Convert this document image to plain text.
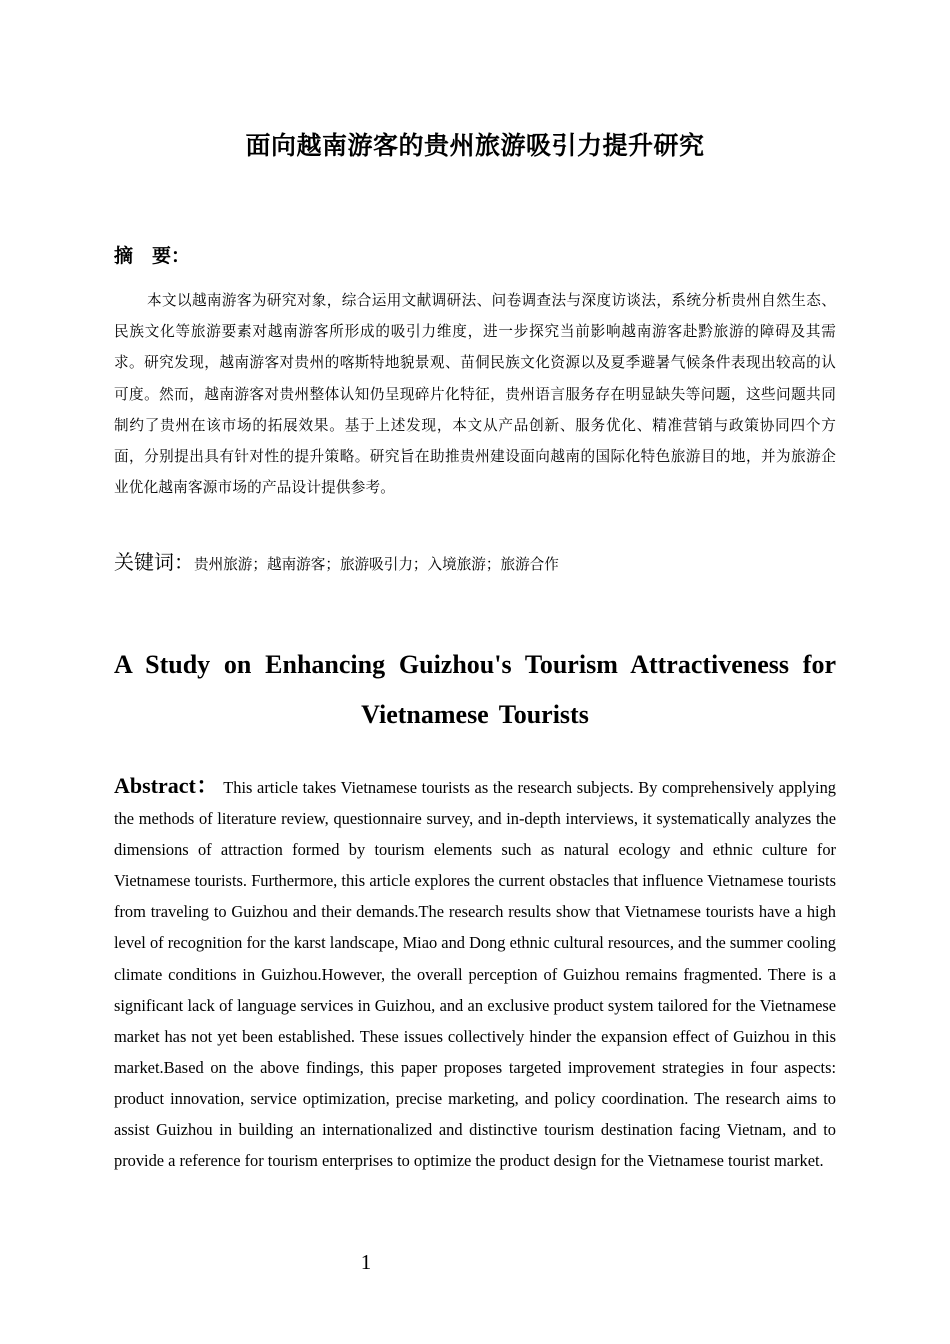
面向越南游客的贵州旅游吸引力提升研究
摘　要：

本文以越南游客为研究对象，综合运用文献调研法、问卷调查法与深度访谈法，系统分析贵州自然生态、民族文化等旅游要素对越南游客所形成的吸引力维度，进一步探究当前影响越南游客赴黔旅游的障碍及其需求。研究发现，越南游客对贵州的喀斯特地貌景观、苗侗民族文化资源以及夏季避暑气候条件表现出较高的认可度。然而，越南游客对贵州整体认知仍呈现碎片化特征，贵州语言服务存在明显缺失等问题，这些问题共同制约了贵州在该市场的拓展效果。基于上述发现，本文从产品创新、服务优化、精准营销与政策协同四个方面，分别提出具有针对性的提升策略。研究旨在助推贵州建设面向越南的国际化特色旅游目的地，并为旅游企业优化越南客源市场的产品设计提供参考。

关键词：贵州旅游；越南游客；旅游吸引力；入境旅游；旅游合作
A Study on Enhancing Guizhou's Tourism Attractiveness for
Vietnamese Tourists

Abstract： This article takes Vietnamese tourists as the research subjects. By comprehensively applying the methods of literature review, questionnaire survey, and in-depth interviews, it systematically analyzes the dimensions of attraction formed by tourism elements such as natural ecology and ethnic culture for Vietnamese tourists. Furthermore, this article explores the current obstacles that influence Vietnamese tourists from traveling to Guizhou and their demands.The research results show that Vietnamese tourists have a high level of recognition for the karst landscape, Miao and Dong ethnic cultural resources, and the summer cooling climate conditions in Guizhou.However, the overall perception of Guizhou remains fragmented. There is a significant lack of language services in Guizhou, and an exclusive product system tailored for the Vietnamese market has not yet been established. These issues collectively hinder the expansion effect of Guizhou in this market.Based on the above findings, this paper proposes targeted improvement strategies in four aspects: product innovation, service optimization, precise marketing, and policy coordination. The research aims to assist Guizhou in building an internationalized and distinctive tourism destination facing Vietnam, and to provide a reference for tourism enterprises to optimize the product design for the Vietnamese tourist market.

1
